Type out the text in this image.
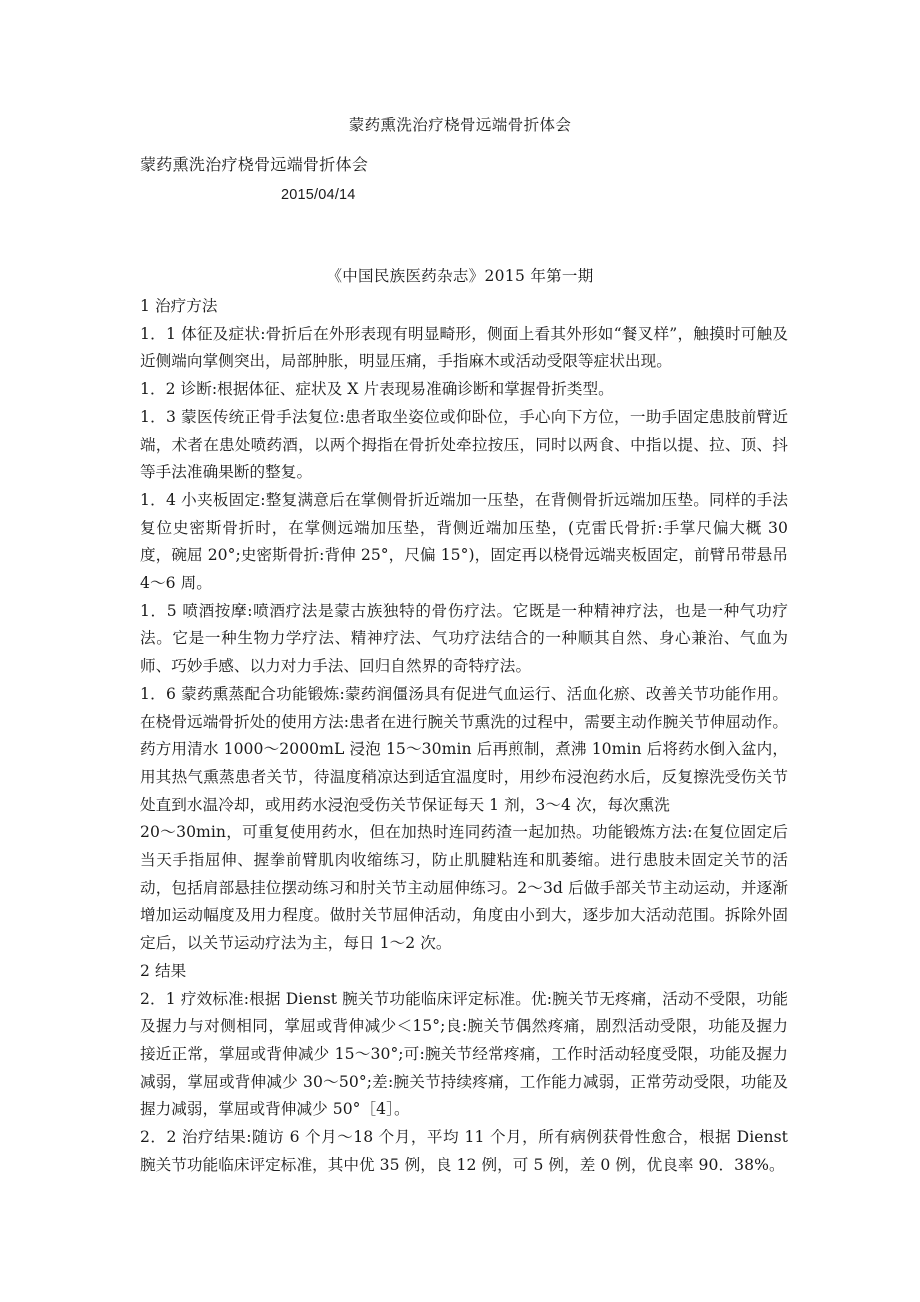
蒙药熏洗治疗桡骨远端骨折体会
蒙药熏洗治疗桡骨远端骨折体会
2015/04/14
《中国民族医药杂志》2015 年第一期

1 治疗方法

1．1 体征及症状:骨折后在外形表现有明显畸形，侧面上看其外形如“餐叉样”，触摸时可触及近侧端向掌侧突出，局部肿胀，明显压痛，手指麻木或活动受限等症状出现。

1．2 诊断:根据体征、症状及 X 片表现易准确诊断和掌握骨折类型。

1．3 蒙医传统正骨手法复位:患者取坐姿位或仰卧位，手心向下方位，一助手固定患肢前臂近端，术者在患处喷药酒，以两个拇指在骨折处牵拉按压，同时以两食、中指以提、拉、顶、抖等手法准确果断的整复。

1．4 小夹板固定:整复满意后在掌侧骨折近端加一压垫，在背侧骨折远端加压垫。同样的手法复位史密斯骨折时，在掌侧远端加压垫，背侧近端加压垫，(克雷氏骨折:手掌尺偏大概 30 度，碗屈 20°;史密斯骨折:背伸 25°，尺偏 15°)，固定再以桡骨远端夹板固定，前臂吊带悬吊 4～6 周。

1．5 喷酒按摩:喷酒疗法是蒙古族独特的骨伤疗法。它既是一种精神疗法，也是一种气功疗法。它是一种生物力学疗法、精神疗法、气功疗法结合的一种顺其自然、身心兼治、气血为师、巧妙手感、以力对力手法、回归自然界的奇特疗法。

1．6 蒙药熏蒸配合功能锻炼:蒙药润僵汤具有促进气血运行、活血化瘀、改善关节功能作用。在桡骨远端骨折处的使用方法:患者在进行腕关节熏洗的过程中，需要主动作腕关节伸屈动作。药方用清水 1000～2000mL 浸泡 15～30min 后再煎制，煮沸 10min 后将药水倒入盆内，用其热气熏蒸患者关节，待温度稍凉达到适宜温度时，用纱布浸泡药水后，反复擦洗受伤关节处直到水温冷却，或用药水浸泡受伤关节保证每天 1 剂，3～4 次，每次熏洗

20～30min，可重复使用药水，但在加热时连同药渣一起加热。功能锻炼方法:在复位固定后当天手指屈伸、握拳前臂肌肉收缩练习，防止肌腱粘连和肌萎缩。进行患肢未固定关节的活动，包括肩部悬挂位摆动练习和肘关节主动屈伸练习。2～3d 后做手部关节主动运动，并逐渐增加运动幅度及用力程度。做肘关节屈伸活动，角度由小到大，逐步加大活动范围。拆除外固定后，以关节运动疗法为主，每日 1～2 次。

2 结果

2．1 疗效标准:根据 Dienst 腕关节功能临床评定标准。优:腕关节无疼痛，活动不受限，功能及握力与对侧相同，掌屈或背伸减少＜15°;良:腕关节偶然疼痛，剧烈活动受限，功能及握力接近正常，掌屈或背伸减少 15～30°;可:腕关节经常疼痛，工作时活动轻度受限，功能及握力减弱，掌屈或背伸减少 30～50°;差:腕关节持续疼痛，工作能力减弱，正常劳动受限，功能及握力减弱，掌屈或背伸减少 50°［4］。

2．2 治疗结果:随访 6 个月～18 个月，平均 11 个月，所有病例获骨性愈合，根据 Dienst 腕关节功能临床评定标准，其中优 35 例，良 12 例，可 5 例，差 0 例，优良率 90．38%。
